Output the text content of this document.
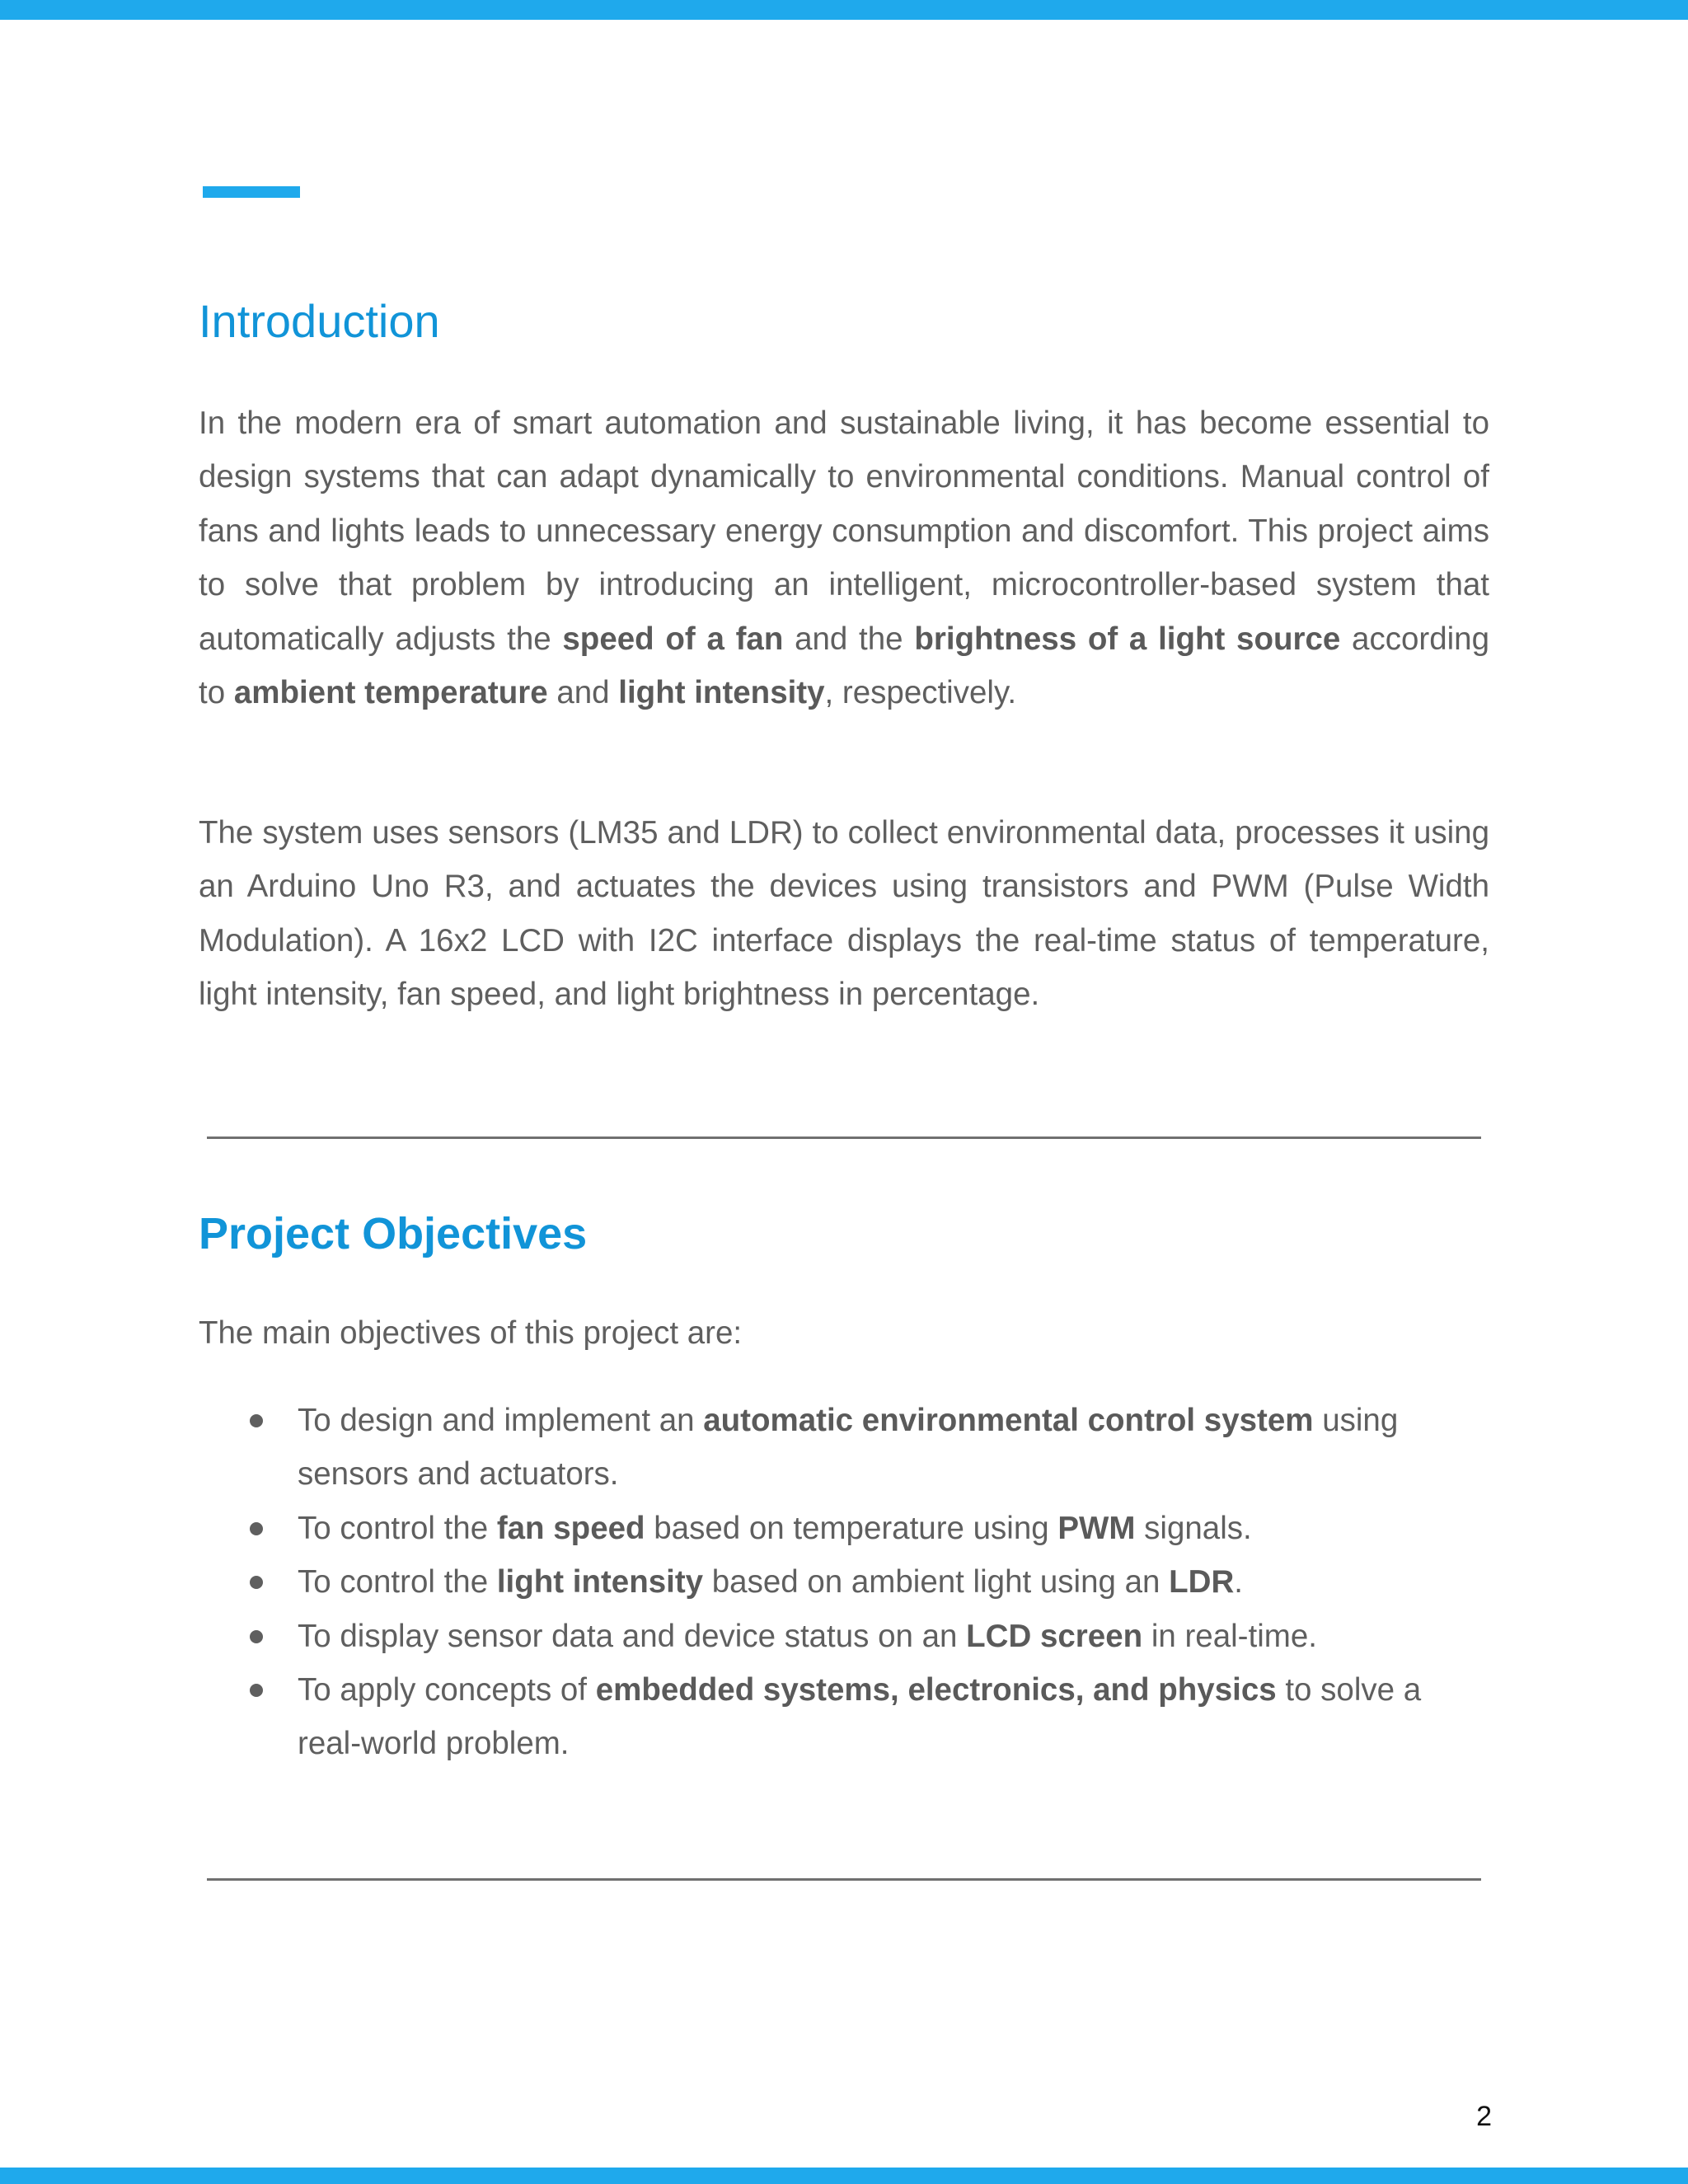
Introduction

In the modern era of smart automation and sustainable living, it has become essential to design systems that can adapt dynamically to environmental conditions. Manual control of fans and lights leads to unnecessary energy consumption and discomfort. This project aims to solve that problem by introducing an intelligent, microcontroller-based system that automatically adjusts the speed of a fan and the brightness of a light source according to ambient temperature and light intensity, respectively.

The system uses sensors (LM35 and LDR) to collect environmental data, processes it using an Arduino Uno R3, and actuates the devices using transistors and PWM (Pulse Width Modulation). A 16x2 LCD with I2C interface displays the real-time status of temperature, light intensity, fan speed, and light brightness in percentage.

Project Objectives

The main objectives of this project are:

To design and implement an automatic environmental control system using sensors and actuators.
To control the fan speed based on temperature using PWM signals.
To control the light intensity based on ambient light using an LDR.
To display sensor data and device status on an LCD screen in real-time.
To apply concepts of embedded systems, electronics, and physics to solve a real-world problem.
2
